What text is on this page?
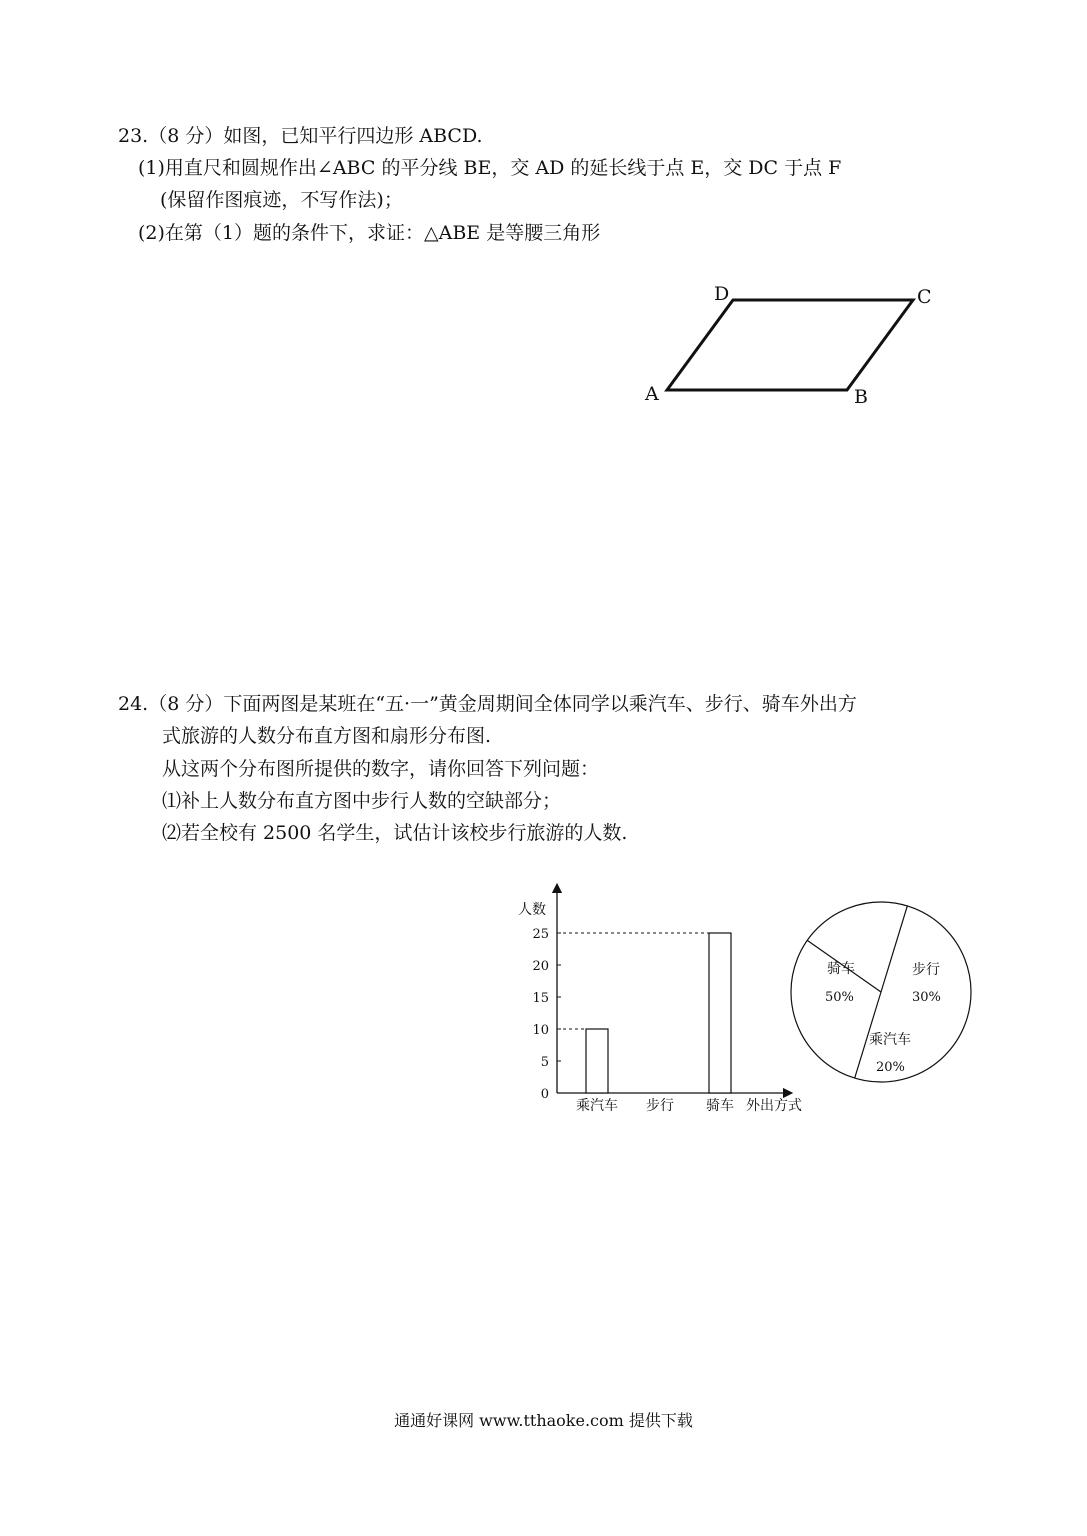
23.（8 分）如图，已知平行四边形 ABCD.
(1)用直尺和圆规作出∠ABC 的平分线 BE，交 AD 的延长线于点 E，交 DC 于点 F
(保留作图痕迹，不写作法)；
(2)在第（1）题的条件下，求证：△ABE 是等腰三角形
A	B
C
D
24.（8 分）下面两图是某班在“五·一”黄金周期间全体同学以乘汽车、步行、骑车外出方
式旅游的人数分布直方图和扇形分布图.
从这两个分布图所提供的数字，请你回答下列问题：
⑴补上人数分布直方图中步行人数的空缺部分；
⑵若全校有 2500 名学生，试估计该校步行旅游的人数.
人数
外出方式
0
5
10
15
20
25
乘汽车 步行 骑车
骑车
50%
步行
30%
乘汽车
20%
通通好课网 www.tthaoke.com 提供下载
